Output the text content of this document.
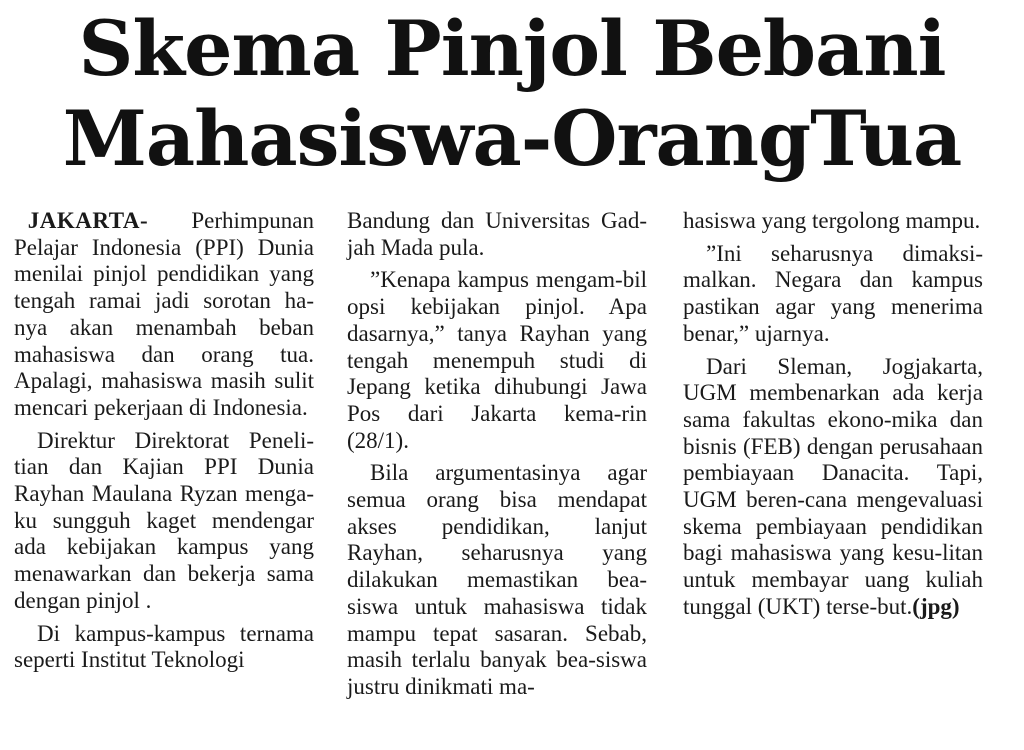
Skema Pinjol Bebani
Mahasiswa-OrangTua

JAKARTA- Perhimpunan Pelajar Indonesia (PPI) Dunia menilai pinjol pendidikan yang tengah ramai jadi sorotan ha-nya akan menambah beban mahasiswa dan orang tua. Apalagi, mahasiswa masih sulit mencari pekerjaan di Indonesia.

Direktur Direktorat Peneli-tian dan Kajian PPI Dunia Rayhan Maulana Ryzan menga-ku sungguh kaget mendengar ada kebijakan kampus yang menawarkan dan bekerja sama dengan pinjol .

Di kampus-kampus ternama seperti Institut Teknologi

Bandung dan Universitas Gad-jah Mada pula.

”Kenapa kampus mengam-bil opsi kebijakan pinjol. Apa dasarnya,” tanya Rayhan yang tengah menempuh studi di Jepang ketika dihubungi Jawa Pos dari Jakarta kema-rin (28/1).

Bila argumentasinya agar semua orang bisa mendapat akses pendidikan, lanjut Rayhan, seharusnya yang dilakukan memastikan bea-siswa untuk mahasiswa tidak mampu tepat sasaran. Sebab, masih terlalu banyak bea-siswa justru dinikmati ma-

hasiswa yang tergolong mampu.

”Ini seharusnya dimaksi-malkan. Negara dan kampus pastikan agar yang menerima benar,” ujarnya.

Dari Sleman, Jogjakarta, UGM membenarkan ada kerja sama fakultas ekono-mika dan bisnis (FEB) dengan perusahaan pembiayaan Danacita. Tapi, UGM beren-cana mengevaluasi skema pembiayaan pendidikan bagi mahasiswa yang kesu-litan untuk membayar uang kuliah tunggal (UKT) terse-but.(jpg)
